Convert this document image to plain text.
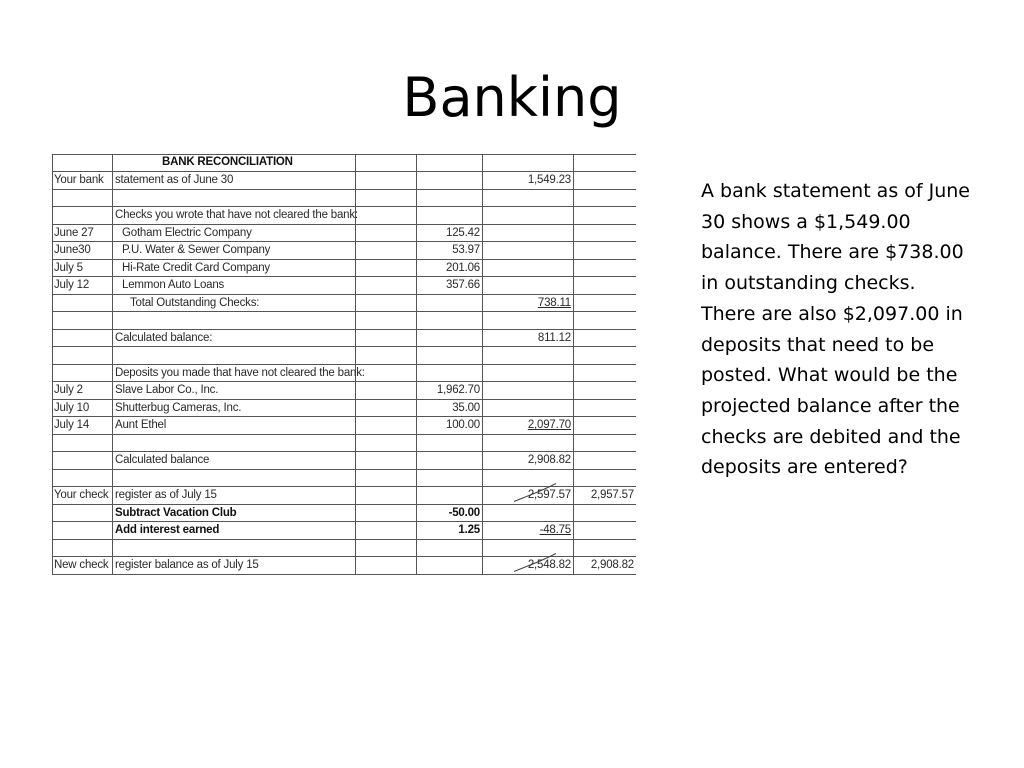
Banking
BANK RECONCILIATION
Your bank statement as of June 30	1,549.23
Checks you wrote that have not cleared the bank:
June 27 Gotham Electric Company	125.42
June30	P.U. Water & Sewer Company	53.97
July 5	Hi-Rate Credit Card Company	201.06
July 12	Lemmon Auto Loans	357.66
Total Outstanding Checks:	738.11
Calculated balance:	811.12
Deposits you made that have not cleared the bank:
July 2	Slave Labor Co., Inc.	1,962.70
July 10 Shutterbug Cameras, Inc.	35.00
July 14 Aunt Ethel	100.00	2,097.70
Calculated balance	2,908.82
Your check register as of July 15	2,597.57	2,957.57
Subtract Vacation Club	-50.00
Add interest earned	1.25	-48.75
New check register balance as of July 15	2,548.82	2,908.82
A bank statement as of June 30 shows a $1,549.00 balance. There are $738.00 in outstanding checks. There are also $2,097.00 in deposits that need to be posted. What would be the projected balance after the checks are debited and the deposits are entered?
